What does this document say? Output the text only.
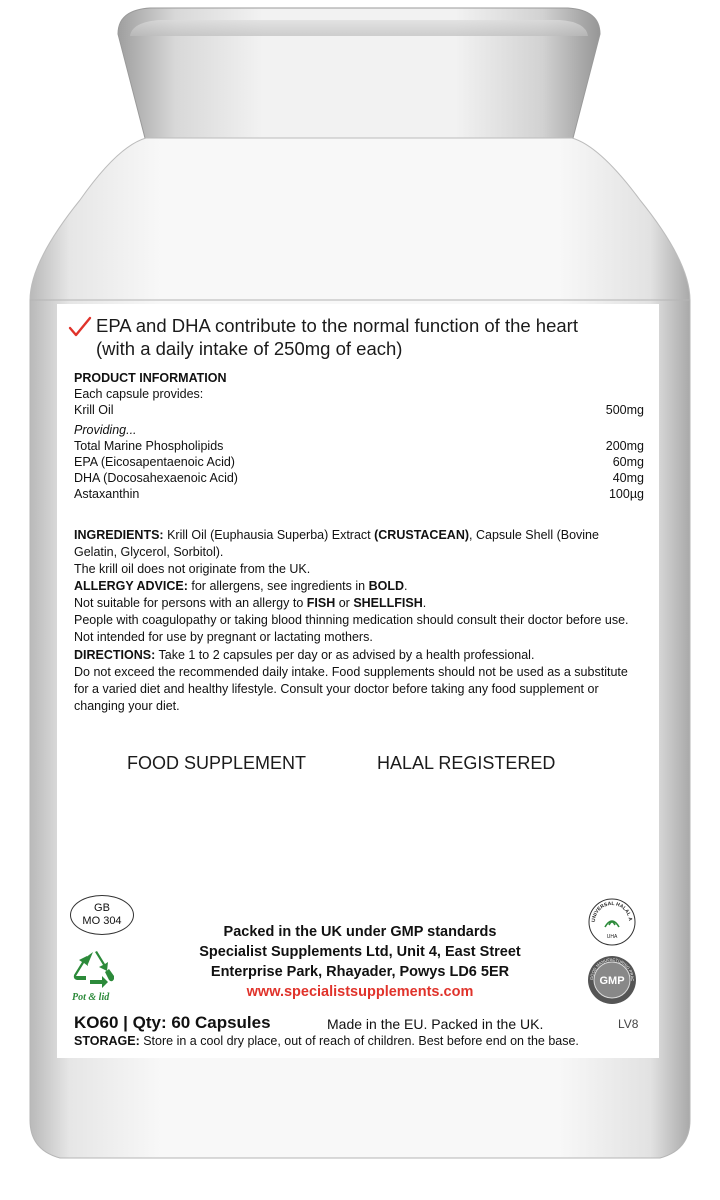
EPA and DHA contribute to the normal function of the heart

(with a daily intake of 250mg of each)

PRODUCT INFORMATION
Each capsule provides:
Krill Oil	500mg
Providing...
Total Marine Phospholipids	200mg
EPA (Eicosapentaenoic Acid)	60mg
DHA (Docosahexaenoic Acid)	40mg
Astaxanthin	100µg
INGREDIENTS: Krill Oil (Euphausia Superba) Extract (CRUSTACEAN), Capsule Shell (Bovine Gelatin, Glycerol, Sorbitol).
The krill oil does not originate from the UK.
ALLERGY ADVICE: for allergens, see ingredients in BOLD.
Not suitable for persons with an allergy to FISH or SHELLFISH.
People with coagulopathy or taking blood thinning medication should consult their doctor before use. Not intended for use by pregnant or lactating mothers.
DIRECTIONS: Take 1 to 2 capsules per day or as advised by a health professional.
Do not exceed the recommended daily intake. Food supplements should not be used as a substitute for a varied diet and healthy lifestyle. Consult your doctor before taking any food supplement or changing your diet.
FOOD SUPPLEMENT	HALAL REGISTERED
GB
MO 304
Pot & lid
UNIVERSAL HALAL A
UHA
GOOD MANUFACTURING PRAC
GMP
Packed in the UK under GMP standards
Specialist Supplements Ltd, Unit 4, East Street
Enterprise Park, Rhayader, Powys LD6 5ER
www.specialistsupplements.com
KO60 | Qty: 60 Capsules	Made in the EU. Packed in the UK.	LV8
STORAGE: Store in a cool dry place, out of reach of children. Best before end on the base.
